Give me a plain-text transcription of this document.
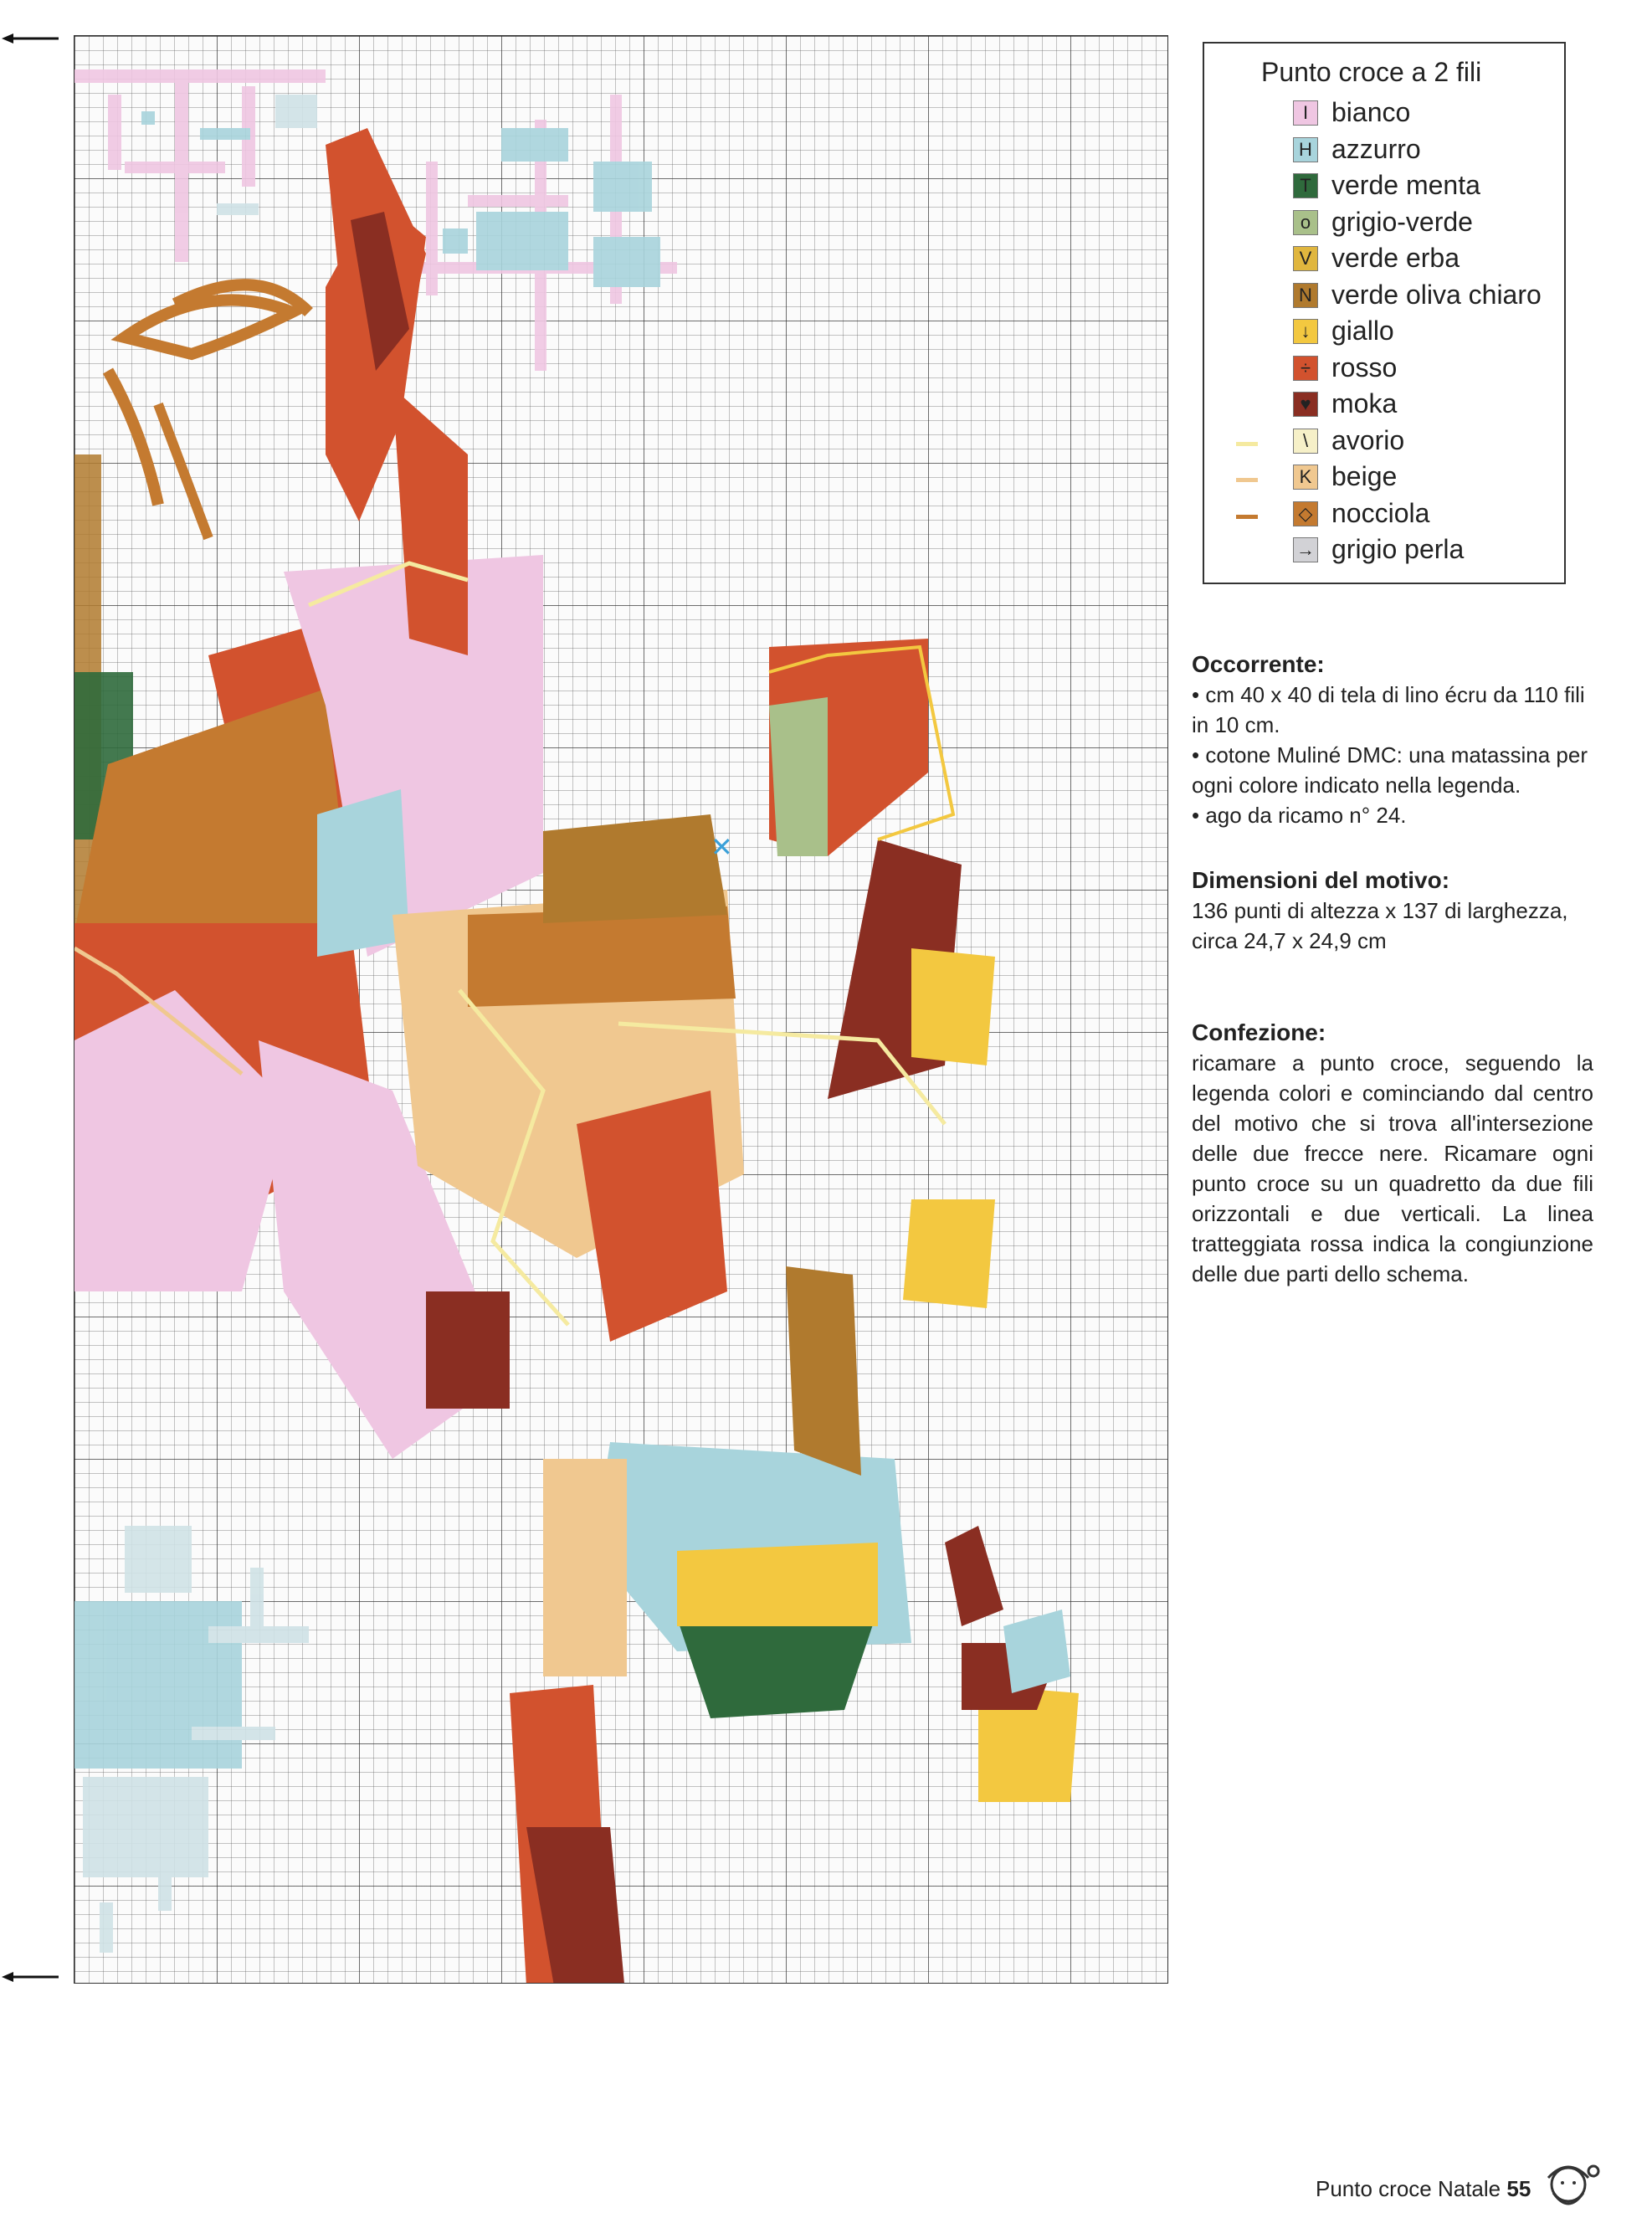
✕
Punto croce a 2 fili
I bianco
H azzurro
T verde menta
o grigio-verde
V verde erba
N verde oliva chiaro
↓ giallo
÷ rosso
♥ moka
\ avorio
K beige
◇ nocciola
→ grigio perla
Occorrente:

• cm 40 x 40 di tela di lino écru da 110 fili in 10 cm.

• cotone Muliné DMC: una matassina per ogni colore indicato nella legenda.

• ago da ricamo n° 24.

Dimensioni del motivo:

136 punti di altezza x 137 di larghezza, circa 24,7 x 24,9 cm

Confezione:

ricamare a punto croce, seguendo la legenda colori e cominciando dal centro del motivo che si trova all'intersezione delle due frecce nere. Ricamare ogni punto croce su un quadretto da due fili orizzontali e due verticali. La linea tratteggiata rossa indica la congiunzione delle due parti dello schema.

Punto croce Natale 55
